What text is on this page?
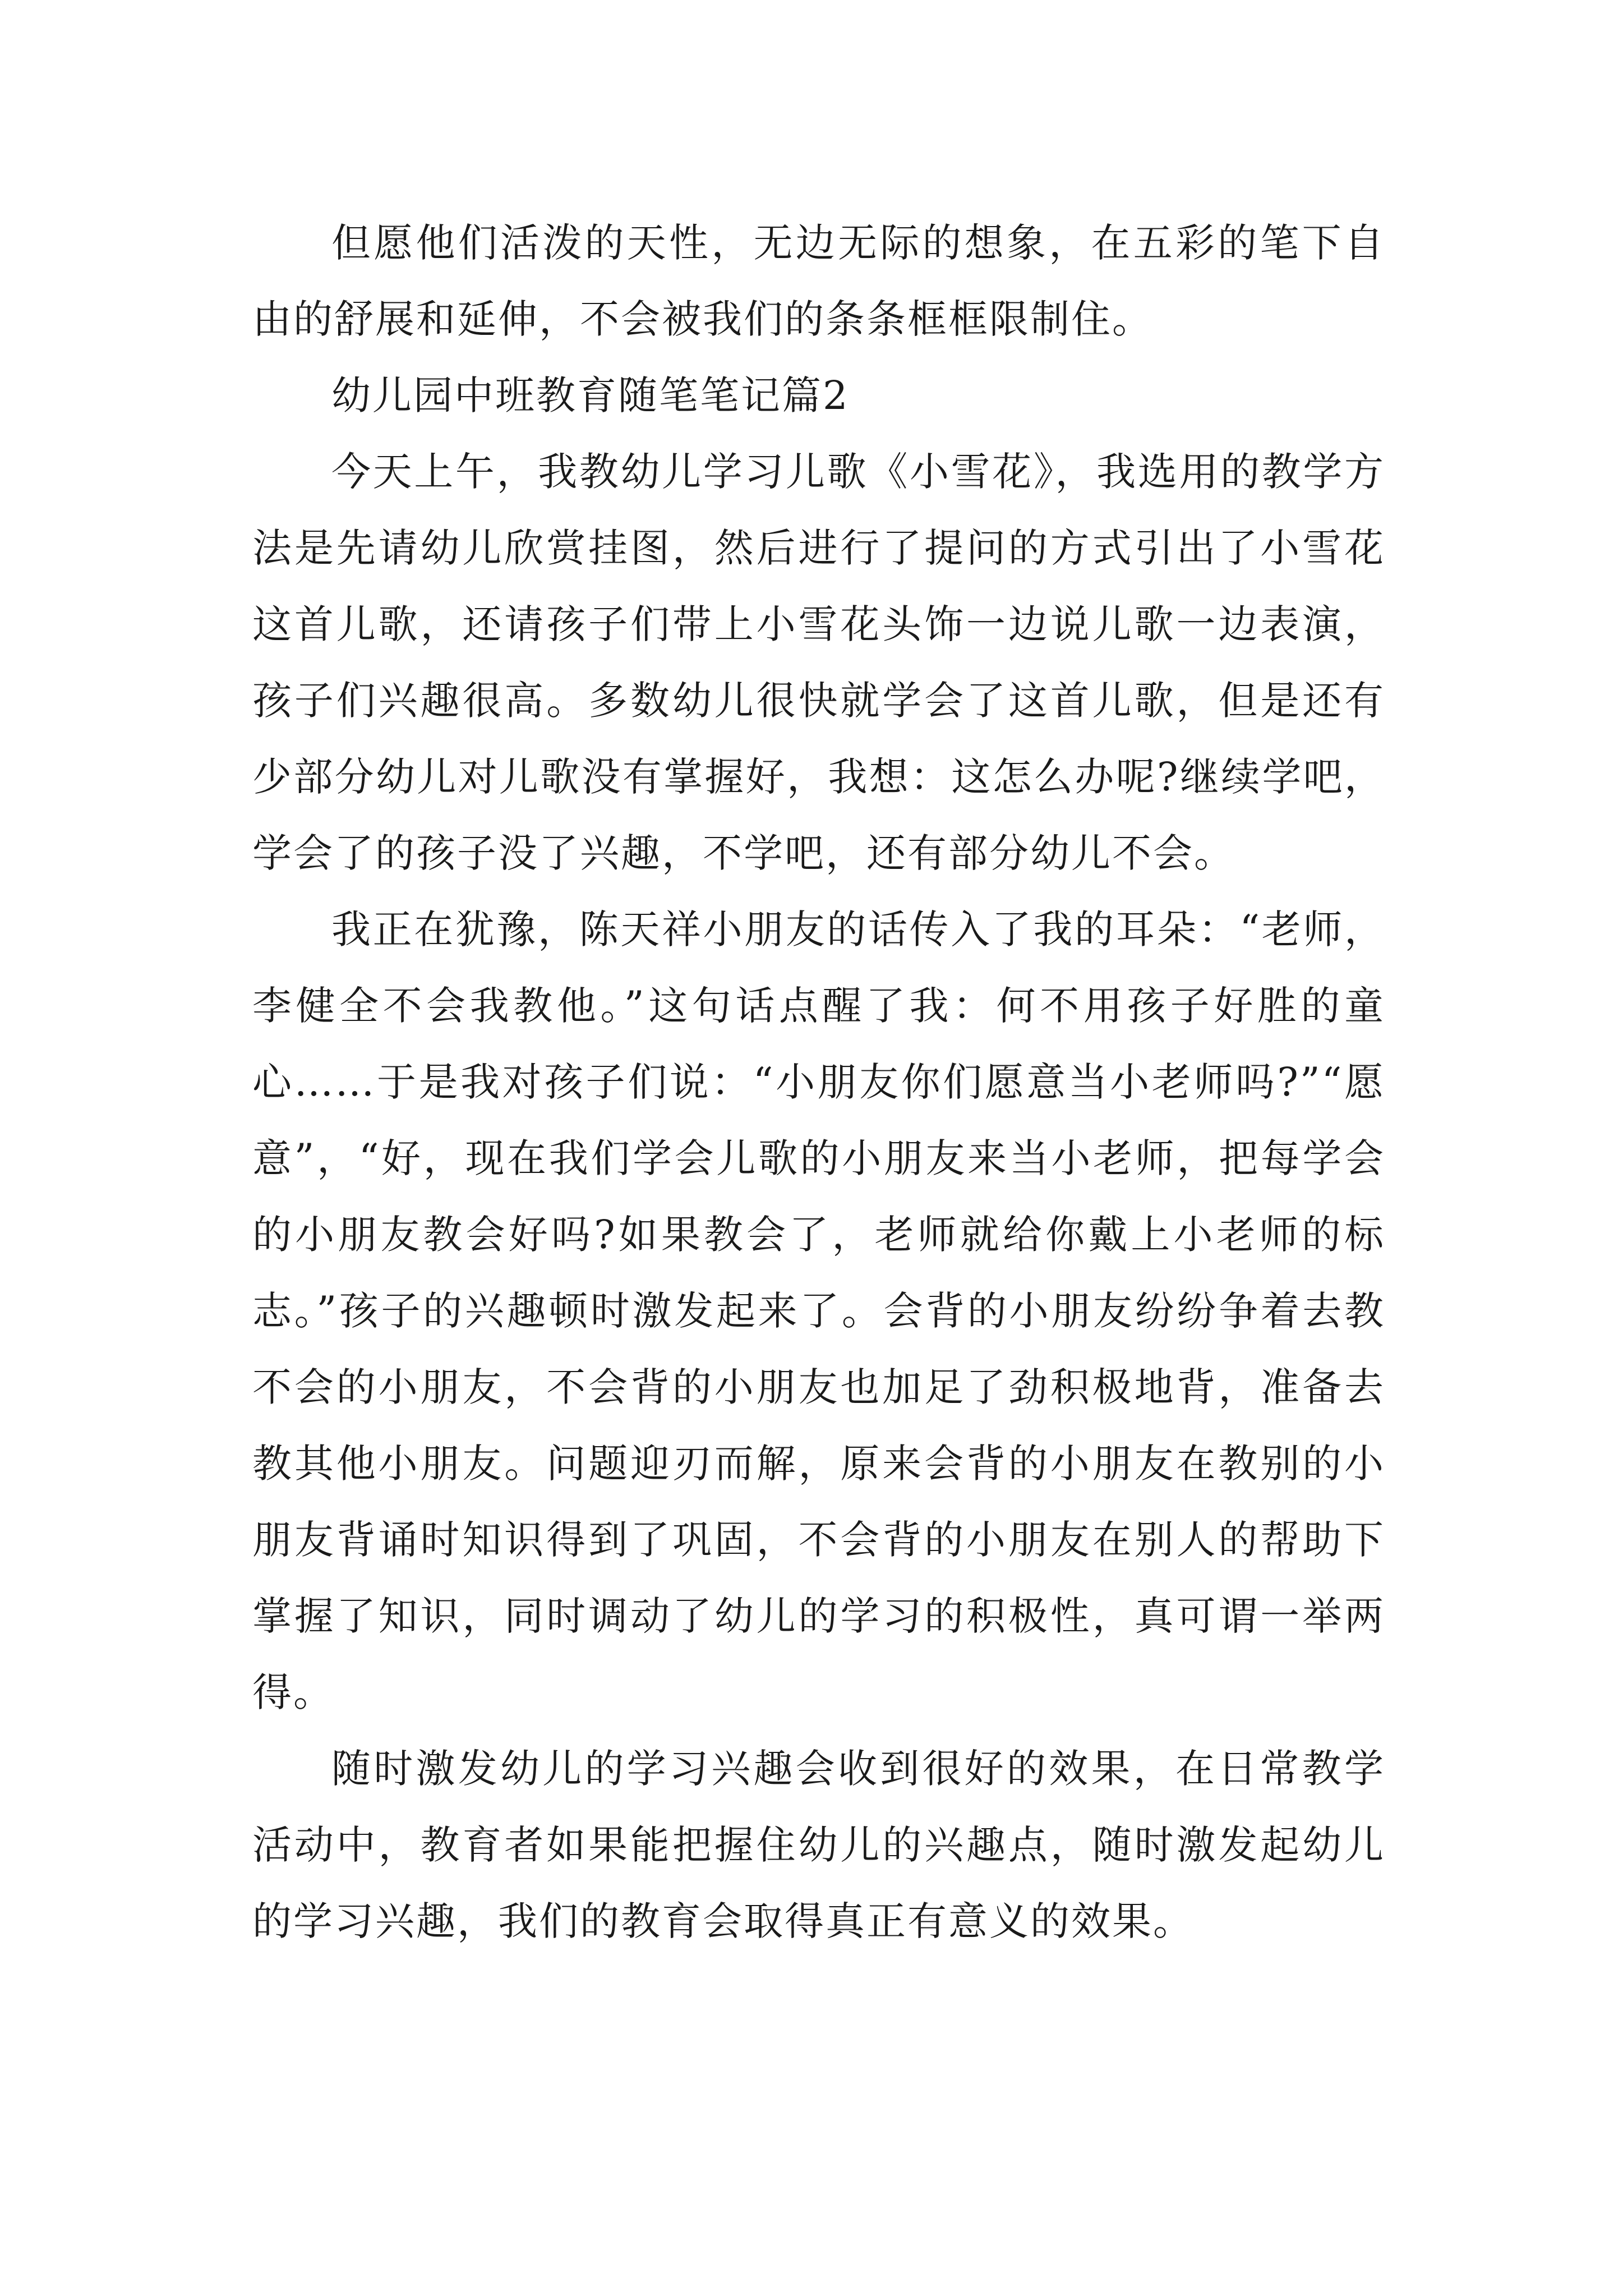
但愿他们活泼的天性，无边无际的想象，在五彩的笔下自由的舒展和延伸，不会被我们的条条框框限制住。

幼儿园中班教育随笔笔记篇2

今天上午，我教幼儿学习儿歌《小雪花》，我选用的教学方法是先请幼儿欣赏挂图，然后进行了提问的方式引出了小雪花这首儿歌，还请孩子们带上小雪花头饰一边说儿歌一边表演，孩子们兴趣很高。多数幼儿很快就学会了这首儿歌，但是还有少部分幼儿对儿歌没有掌握好，我想：这怎么办呢?继续学吧，学会了的孩子没了兴趣，不学吧，还有部分幼儿不会。

我正在犹豫，陈天祥小朋友的话传入了我的耳朵：“老师，李健全不会我教他。”这句话点醒了我：何不用孩子好胜的童心……于是我对孩子们说：“小朋友你们愿意当小老师吗?”“愿意”，“好，现在我们学会儿歌的小朋友来当小老师，把每学会的小朋友教会好吗?如果教会了，老师就给你戴上小老师的标志。”孩子的兴趣顿时激发起来了。会背的小朋友纷纷争着去教不会的小朋友，不会背的小朋友也加足了劲积极地背，准备去教其他小朋友。问题迎刃而解，原来会背的小朋友在教别的小朋友背诵时知识得到了巩固，不会背的小朋友在别人的帮助下掌握了知识，同时调动了幼儿的学习的积极性，真可谓一举两得。

随时激发幼儿的学习兴趣会收到很好的效果，在日常教学活动中，教育者如果能把握住幼儿的兴趣点，随时激发起幼儿的学习兴趣，我们的教育会取得真正有意义的效果。
